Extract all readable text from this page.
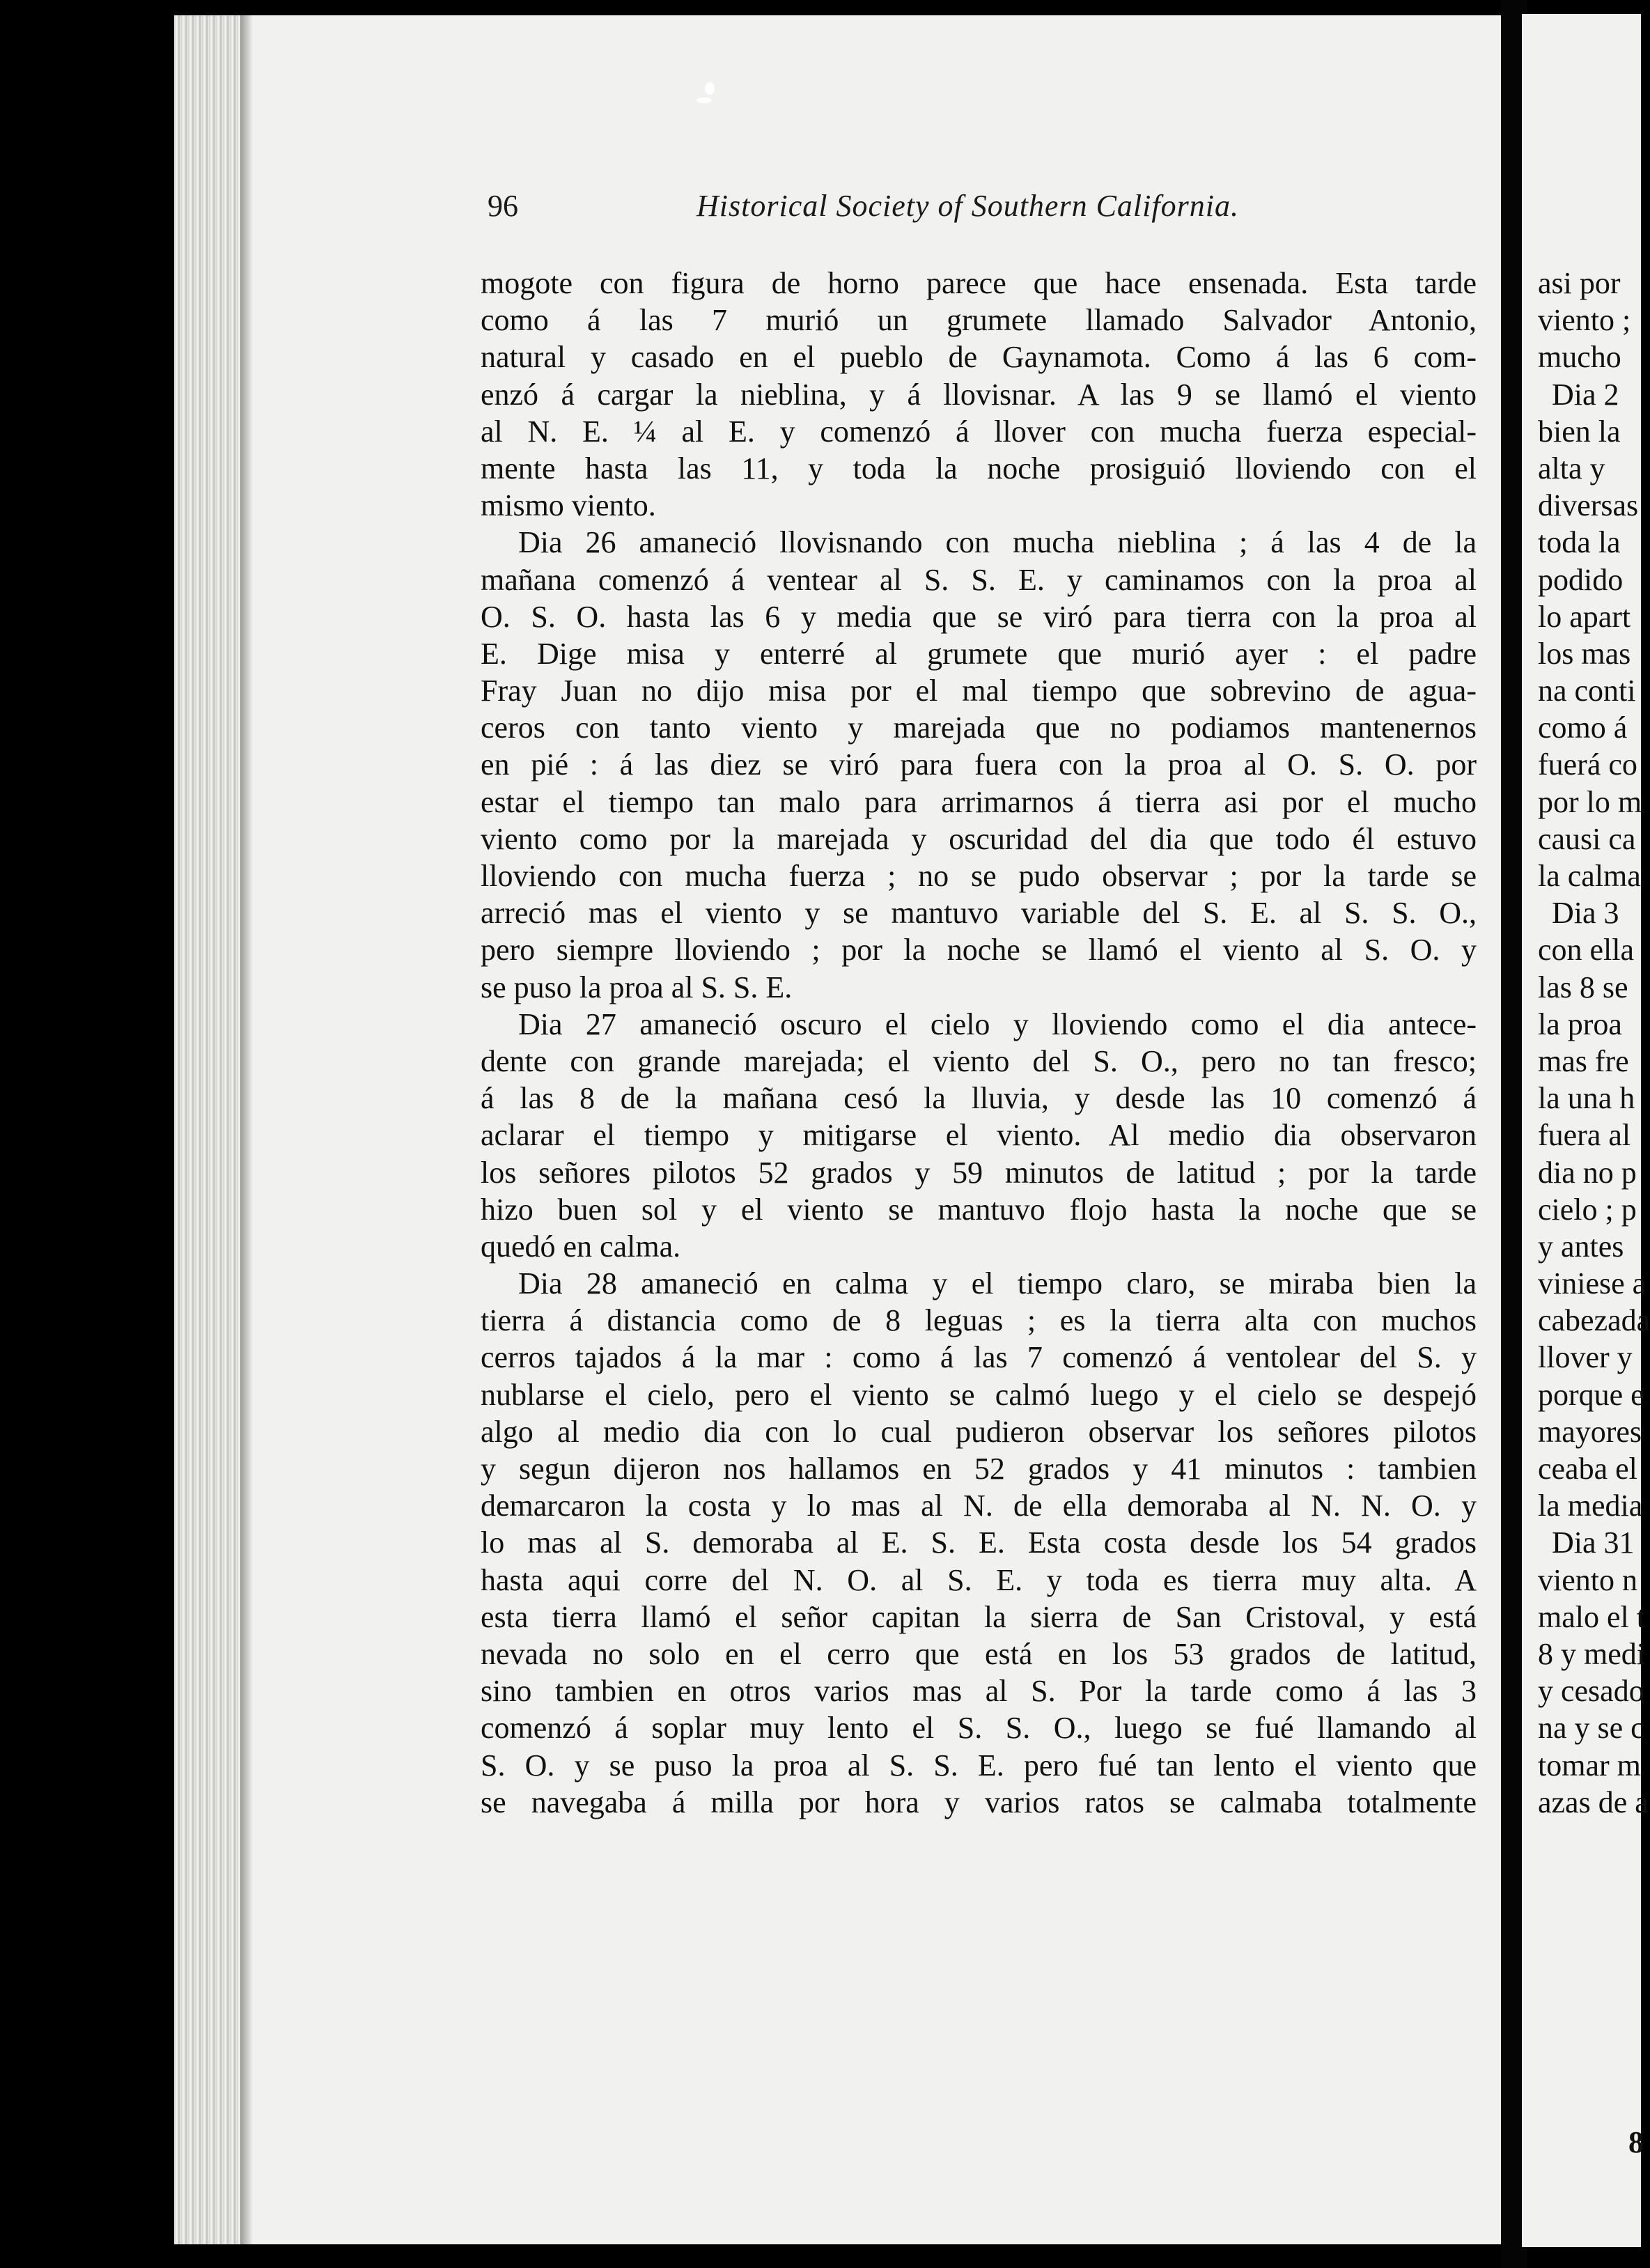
96	Historical Society of Southern California.
mogote con figura de horno parece que hace ensenada. Esta tarde
como á las 7 murió un grumete llamado Salvador Antonio,
natural y casado en el pueblo de Gaynamota. Como á las 6 com-
enzó á cargar la nieblina, y á llovisnar. A las 9 se llamó el viento
al N. E. ¼ al E. y comenzó á llover con mucha fuerza especial-
mente hasta las 11, y toda la noche prosiguió lloviendo con el
mismo viento.
Dia 26 amaneció llovisnando con mucha nieblina ; á las 4 de la
mañana comenzó á ventear al S. S. E. y caminamos con la proa al
O. S. O. hasta las 6 y media que se viró para tierra con la proa al
E. Dige misa y enterré al grumete que murió ayer : el padre
Fray Juan no dijo misa por el mal tiempo que sobrevino de agua-
ceros con tanto viento y marejada que no podiamos mantenernos
en pié : á las diez se viró para fuera con la proa al O. S. O. por
estar el tiempo tan malo para arrimarnos á tierra asi por el mucho
viento como por la marejada y oscuridad del dia que todo él estuvo
lloviendo con mucha fuerza ; no se pudo observar ; por la tarde se
arreció mas el viento y se mantuvo variable del S. E. al S. S. O.,
pero siempre lloviendo ; por la noche se llamó el viento al S. O. y
se puso la proa al S. S. E.
Dia 27 amaneció oscuro el cielo y lloviendo como el dia antece-
dente con grande marejada; el viento del S. O., pero no tan fresco;
á las 8 de la mañana cesó la lluvia, y desde las 10 comenzó á
aclarar el tiempo y mitigarse el viento. Al medio dia observaron
los señores pilotos 52 grados y 59 minutos de latitud ; por la tarde
hizo buen sol y el viento se mantuvo flojo hasta la noche que se
quedó en calma.
Dia 28 amaneció en calma y el tiempo claro, se miraba bien la
tierra á distancia como de 8 leguas ; es la tierra alta con muchos
cerros tajados á la mar : como á las 7 comenzó á ventolear del S. y
nublarse el cielo, pero el viento se calmó luego y el cielo se despejó
algo al medio dia con lo cual pudieron observar los señores pilotos
y segun dijeron nos hallamos en 52 grados y 41 minutos : tambien
demarcaron la costa y lo mas al N. de ella demoraba al N. N. O. y
lo mas al S. demoraba al E. S. E. Esta costa desde los 54 grados
hasta aqui corre del N. O. al S. E. y toda es tierra muy alta. A
esta tierra llamó el señor capitan la sierra de San Cristoval, y está
nevada no solo en el cerro que está en los 53 grados de latitud,
sino tambien en otros varios mas al S. Por la tarde como á las 3
comenzó á soplar muy lento el S. S. O., luego se fué llamando al
S. O. y se puso la proa al S. S. E. pero fué tan lento el viento que
se navegaba á milla por hora y varios ratos se calmaba totalmente
asi por
viento ;
mucho
Dia 2
bien la
alta y
diversas
toda la
podido
lo apart
los mas
na conti
como á
fuerá co
por lo m
causi ca
la calma
Dia 3
con ella
las 8 se
la proa
mas fre
la una h
fuera al
dia no p
cielo ; p
y antes
viniese a
cabezada
llover y
porque e
mayores
ceaba el
la media
Dia 31
viento n
malo el t
8 y medi
y cesado
na y se c
tomar m
azas de a
8
